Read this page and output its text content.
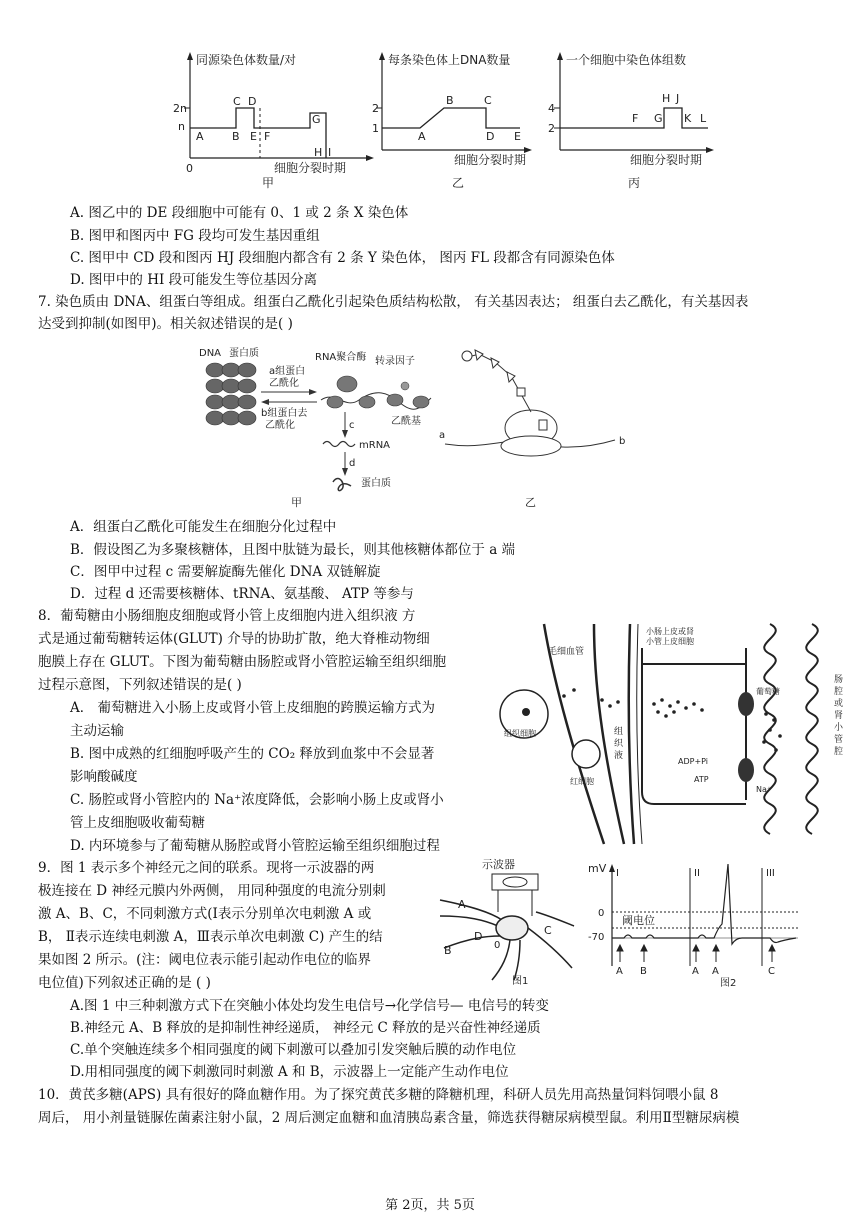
同源染色体数量/对
2n
n
0
A	B
C D
E F
G
H I
细胞分裂时期
甲
每条染色体上DNA数量
2
1
A
B	C
D E
细胞分裂时期
乙
一个细胞中染色体组数
4
2
F G
H J
K L
细胞分裂时期
丙
A. 图乙中的 DE 段细胞中可能有 0、1 或 2 条 X 染色体
B. 图甲和图丙中 FG 段均可发生基因重组
C. 图甲中 CD 段和图丙 HJ 段细胞内都含有 2 条 Y 染色体， 图丙 FL 段都含有同源染色体
D. 图甲中的 HI 段可能发生等位基因分离
7. 染色质由 DNA、组蛋白等组成。组蛋白乙酰化引起染色质结构松散， 有关基因表达； 组蛋白去乙酰化，有关基因表
达受到抑制(如图甲)。相关叙述错误的是( )
DNA 蛋白质
a组蛋白
乙酰化
b组蛋白去
乙酰化
RNA聚合酶 转录因子
乙酰基
c
mRNA
d
蛋白质
甲
a
b
乙
A．组蛋白乙酰化可能发生在细胞分化过程中
B．假设图乙为多聚核糖体，且图中肽链为最长，则其他核糖体都位于 a 端
C．图甲中过程 c 需要解旋酶先催化 DNA 双链解旋
D．过程 d 还需要核糖体、tRNA、氨基酸、 ATP 等参与
8．葡萄糖由小肠细胞皮细胞或肾小管上皮细胞内进入组织液 方
式是通过葡萄糖转运体(GLUT) 介导的协助扩散，绝大脊椎动物细
胞膜上存在 GLUT。下图为葡萄糖由肠腔或肾小管腔运输至组织细胞
过程示意图，下列叙述错误的是( )
A． 葡萄糖进入小肠上皮或肾小管上皮细胞的跨膜运输方式为
主动运输
B. 图中成熟的红细胞呼吸产生的 CO₂ 释放到血浆中不会显著
影响酸碱度
C. 肠腔或肾小管腔内的 Na⁺浓度降低，会影响小肠上皮或肾小
管上皮细胞吸收葡萄糖
D. 内环境参与了葡萄糖从肠腔或肾小管腔运输至组织细胞过程
毛细血管
组织细胞
红细胞
组
织
液
小肠上皮或肾
小管上皮细胞
葡萄糖
ADP+Pi
ATP
Na⁺
肠
腔
或
肾
小
管
腔
9．图 1 表示多个神经元之间的联系。现将一示波器的两
极连接在 D 神经元膜内外两侧， 用同种强度的电流分别刺
激 A、B、C，不同刺激方式(I表示分别单次电刺激 A 或
B， Ⅱ表示连续电刺激 A，Ⅲ表示单次电刺激 C) 产生的结
果如图 2 所示。(注：阈电位表示能引起动作电位的临界
电位值)下列叙述正确的是 ( )
示波器
A
B
C
D
0
图1
mV
0
-70
阈电位
I	II	III
A B	A A	C
图2
A.图 1 中三种刺激方式下在突触小体处均发生电信号→化学信号— 电信号的转变
B.神经元 A、B 释放的是抑制性神经递质， 神经元 C 释放的是兴奋性神经递质
C.单个突触连续多个相同强度的阈下刺激可以叠加引发突触后膜的动作电位
D.用相同强度的阈下刺激同时刺激 A 和 B，示波器上一定能产生动作电位
10．黄芪多糖(APS) 具有很好的降血糖作用。为了探究黄芪多糖的降糖机理，科研人员先用高热量饲料饲喂小鼠 8
周后， 用小剂量链脲佐菌素注射小鼠，2 周后测定血糖和血清胰岛素含量，筛选获得糖尿病模型鼠。利用Ⅱ型糖尿病模
第 2页，共 5页
